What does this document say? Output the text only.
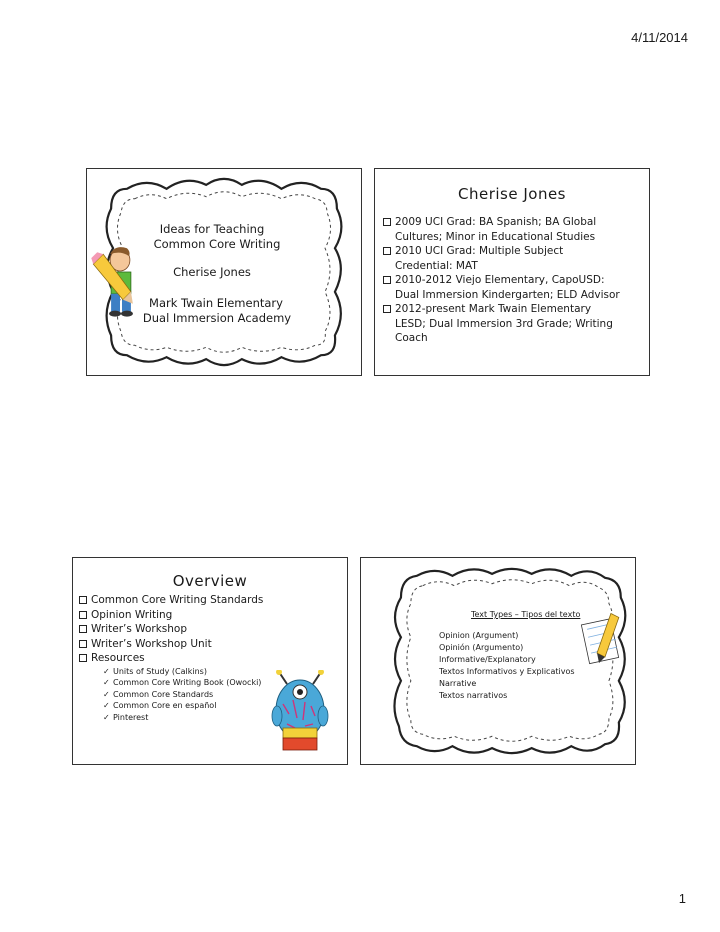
4/11/2014
Ideas for Teaching
Common Core Writing
Cherise Jones
Mark Twain Elementary
Dual Immersion Academy
Cherise Jones
2009 UCI Grad: BA Spanish; BA Global
Cultures; Minor in Educational Studies
2010 UCI Grad: Multiple Subject
Credential: MAT
2010-2012 Viejo Elementary, CapoUSD:
Dual Immersion Kindergarten; ELD Advisor
2012-present Mark Twain Elementary
LESD; Dual Immersion 3rd Grade; Writing
Coach
Overview
Common Core Writing Standards
Opinion Writing
Writer’s Workshop
Writer’s Workshop Unit
Resources
✓ Units of Study (Calkins)
✓ Common Core Writing Book (Owocki)
✓ Common Core Standards
✓ Common Core en español
✓ Pinterest
Text Types – Tipos del texto
Opinion (Argument)
Opinión (Argumento)
Informative/Explanatory
Textos Informativos y Explicativos
Narrative
Textos narrativos
1
